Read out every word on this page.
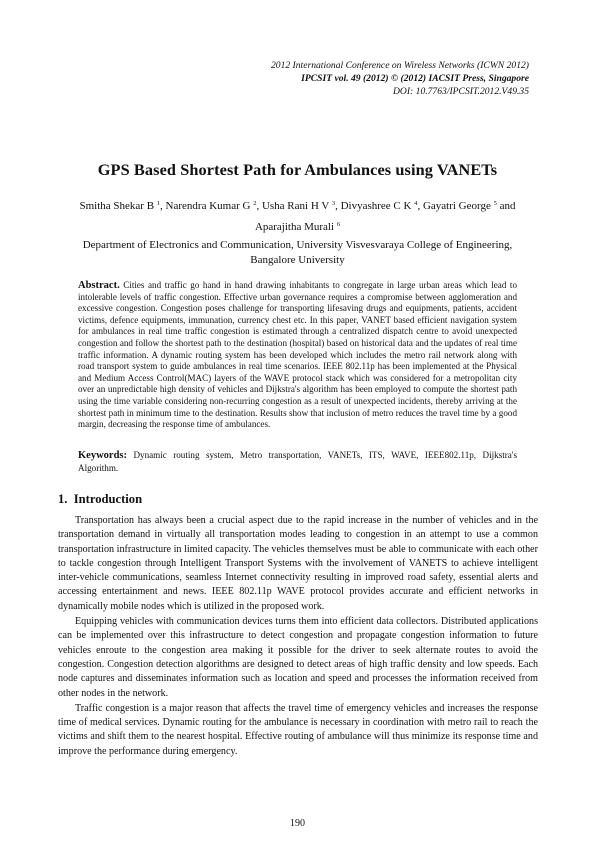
2012 International Conference on Wireless Networks (ICWN 2012)
IPCSIT vol. 49 (2012) © (2012) IACSIT Press, Singapore
DOI: 10.7763/IPCSIT.2012.V49.35
GPS Based Shortest Path for Ambulances using VANETs
Smitha Shekar B $^1$, Narendra Kumar G $^2$, Usha Rani H V $^3$, Divyashree C K $^4$, Gayatri George $^5$ and
Aparajitha Murali $^6$
Department of Electronics and Communication, University Visvesvaraya College of Engineering,
Bangalore University
Abstract. Cities and traffic go hand in hand drawing inhabitants to congregate in large urban areas which lead to intolerable levels of traffic congestion. Effective urban governance requires a compromise between agglomeration and excessive congestion. Congestion poses challenge for transporting lifesaving drugs and equipments, patients, accident victims, defence equipments, immunation, currency chest etc. In this paper, VANET based efficient navigation system for ambulances in real time traffic congestion is estimated through a centralized dispatch centre to avoid unexpected congestion and follow the shortest path to the destination (hospital) based on historical data and the updates of real time traffic information. A dynamic routing system has been developed which includes the metro rail network along with road transport system to guide ambulances in real time scenarios. IEEE 802.11p has been implemented at the Physical and Medium Access Control(MAC) layers of the WAVE protocol stack which was considered for a metropolitan city over an unpredictable high density of vehicles and Dijkstra's algorithm has been employed to compute the shortest path using the time variable considering non-recurring congestion as a result of unexpected incidents, thereby arriving at the shortest path in minimum time to the destination. Results show that inclusion of metro reduces the travel time by a good margin, decreasing the response time of ambulances.
Keywords: Dynamic routing system, Metro transportation, VANETs, ITS, WAVE, IEEE802.11p, Dijkstra's Algorithm.
1. Introduction

Transportation has always been a crucial aspect due to the rapid increase in the number of vehicles and in the transportation demand in virtually all transportation modes leading to congestion in an attempt to use a common transportation infrastructure in limited capacity. The vehicles themselves must be able to communicate with each other to tackle congestion through Intelligent Transport Systems with the involvement of VANETS to achieve intelligent inter-vehicle communications, seamless Internet connectivity resulting in improved road safety, essential alerts and accessing entertainment and news. IEEE 802.11p WAVE protocol provides accurate and efficient networks in dynamically mobile nodes which is utilized in the proposed work.

Equipping vehicles with communication devices turns them into efficient data collectors. Distributed applications can be implemented over this infrastructure to detect congestion and propagate congestion information to future vehicles enroute to the congestion area making it possible for the driver to seek alternate routes to avoid the congestion. Congestion detection algorithms are designed to detect areas of high traffic density and low speeds. Each node captures and disseminates information such as location and speed and processes the information received from other nodes in the network.

Traffic congestion is a major reason that affects the travel time of emergency vehicles and increases the response time of medical services. Dynamic routing for the ambulance is necessary in coordination with metro rail to reach the victims and shift them to the nearest hospital. Effective routing of ambulance will thus minimize its response time and improve the performance during emergency.

190
